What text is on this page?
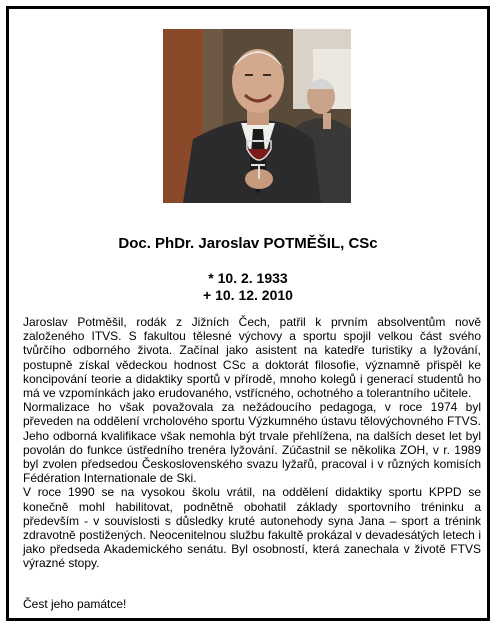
Doc. PhDr. Jaroslav POTMĚŠIL, CSc
* 10. 2. 1933
+ 10. 12. 2010

Jaroslav Potměšil, rodák z Jižních Čech, patřil k prvním absolventům nově založeného ITVS. S fakultou tělesné výchovy a sportu spojil velkou část svého tvůrčího odborného života. Začínal jako asistent na katedře turistiky a lyžování, postupně získal vědeckou hodnost CSc a doktorát filosofie, významně přispěl ke koncipování teorie a didaktiky sportů v přírodě, mnoho kolegů i generací studentů ho má ve vzpomínkách jako erudovaného, vstřícného, ochotného a tolerantního učitele.

Normalizace ho však považovala za nežádoucího pedagoga, v roce 1974 byl převeden na oddělení vrcholového sportu Výzkumného ústavu tělovýchovného FTVS. Jeho odborná kvalifikace však nemohla být trvale přehlížena, na dalších deset let byl povolán do funkce ústředního trenéra lyžování. Zúčastnil se několika ZOH, v r. 1989 byl zvolen předsedou Československého svazu lyžařů, pracoval i v různých komisích Fédération Internationale de Ski.

V roce 1990 se na vysokou školu vrátil, na oddělení didaktiky sportu KPPD se konečně mohl habilitovat, podnětně obohatil základy sportovního tréninku a především - v souvislosti s důsledky kruté autonehody syna Jana – sport a trénink zdravotně postižených. Neocenitelnou službu fakultě prokázal v devadesátých letech i jako předseda Akademického senátu. Byl osobností, která zanechala v životě FTVS výrazné stopy.

Čest jeho památce!
